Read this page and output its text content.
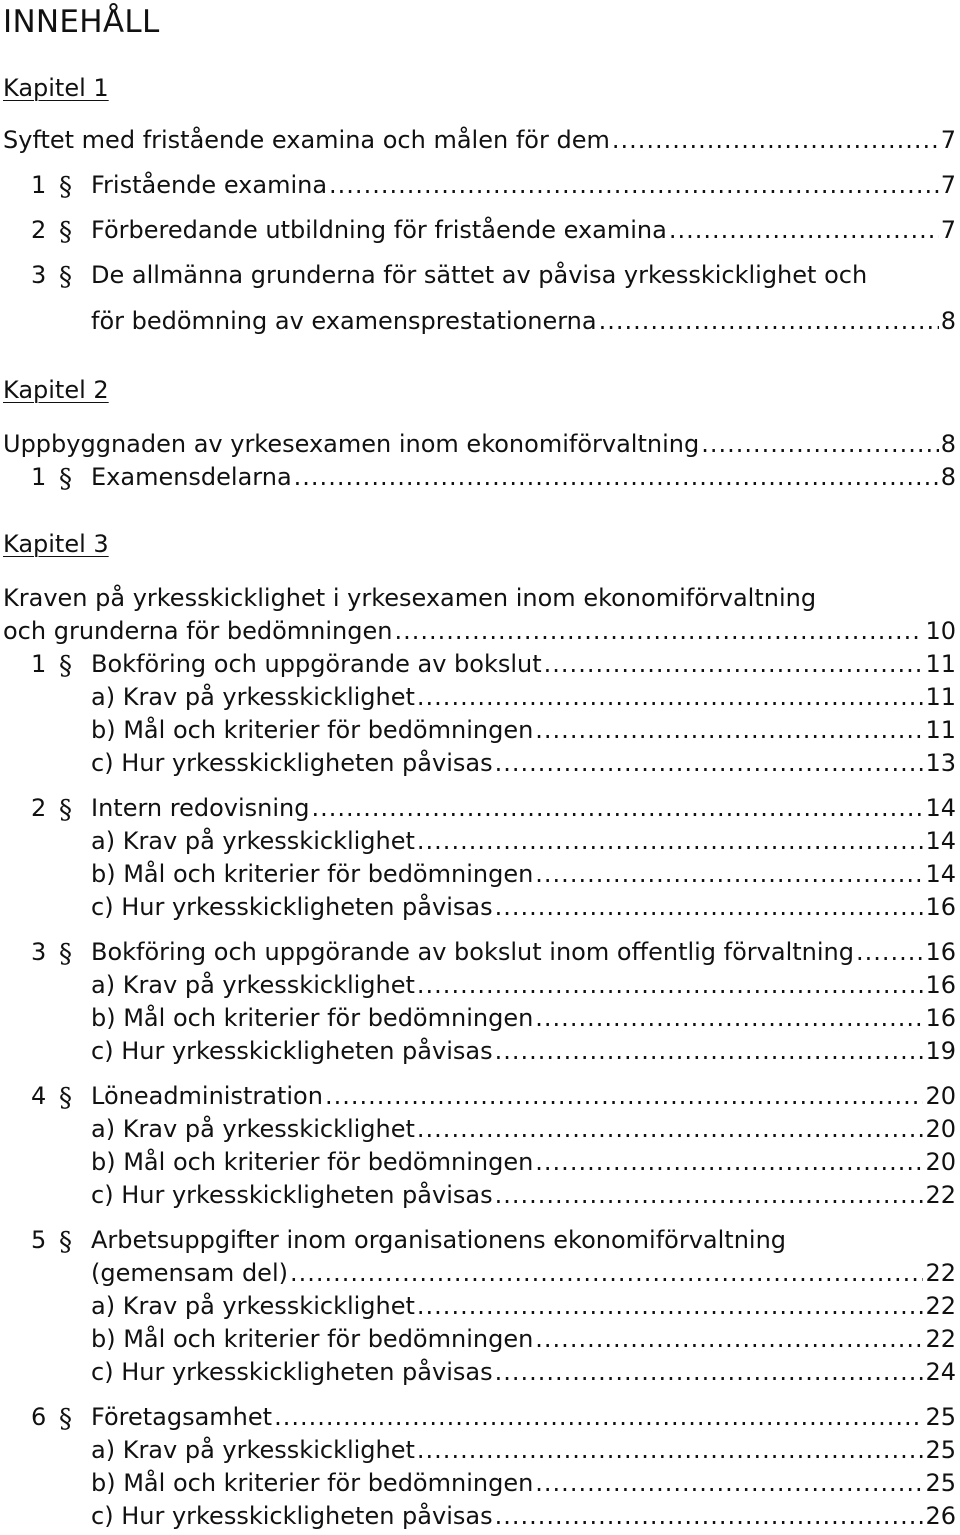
INNEHÅLL
Kapitel 1
Syftet med fristående examina och målen för dem .....	7
1 § Fristående examina .....	7
2 § Förberedande utbildning för fristående examina .....	7
3 § De allmänna grunderna för sättet av påvisa yrkesskicklighet och
för bedömning av examensprestationerna .....	8
Kapitel 2
Uppbyggnaden av yrkesexamen inom ekonomiförvaltning .....	8
1 § Examensdelarna .....	8
Kapitel 3
Kraven på yrkesskicklighet i yrkesexamen inom ekonomiförvaltning
och grunderna för bedömningen .....	10
1 § Bokföring och uppgörande av bokslut .....	11
a) Krav på yrkesskicklighet .....	11
b) Mål och kriterier för bedömningen .....	11
c) Hur yrkesskickligheten påvisas .....	13
2 § Intern redovisning .....	14
a) Krav på yrkesskicklighet .....	14
b) Mål och kriterier för bedömningen .....	14
c) Hur yrkesskickligheten påvisas .....	16
3 § Bokföring och uppgörande av bokslut inom offentlig förvaltning .....	16
a) Krav på yrkesskicklighet .....	16
b) Mål och kriterier för bedömningen .....	16
c) Hur yrkesskickligheten påvisas .....	19
4 § Löneadministration .....	20
a) Krav på yrkesskicklighet .....	20
b) Mål och kriterier för bedömningen .....	20
c) Hur yrkesskickligheten påvisas .....	22
5 § Arbetsuppgifter inom organisationens ekonomiförvaltning
(gemensam del) .....	22
a) Krav på yrkesskicklighet .....	22
b) Mål och kriterier för bedömningen .....	22
c) Hur yrkesskickligheten påvisas .....	24
6 § Företagsamhet .....	25
a) Krav på yrkesskicklighet .....	25
b) Mål och kriterier för bedömningen .....	25
c) Hur yrkesskickligheten påvisas .....	26
